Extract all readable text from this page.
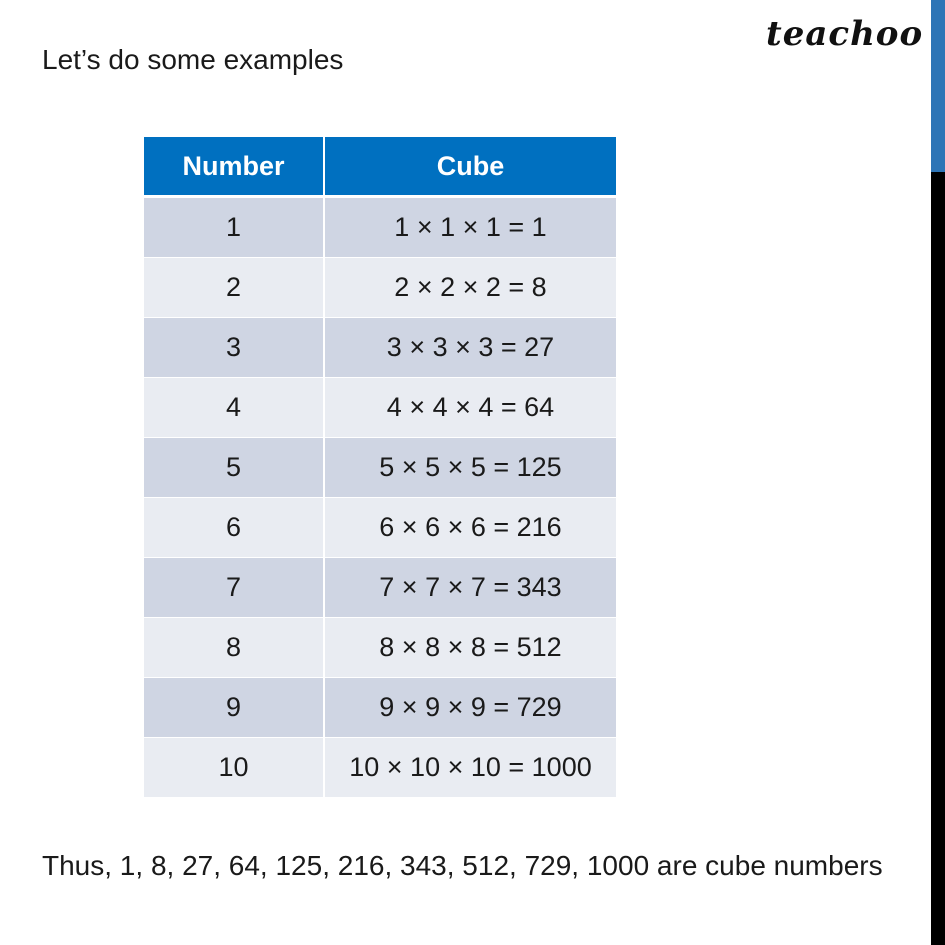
Let’s do some examples
teachoo
Number	Cube
1	1 × 1 × 1 = 1
2	2 × 2 × 2 = 8
3	3 × 3 × 3 = 27
4	4 × 4 × 4 = 64
5	5 × 5 × 5 = 125
6	6 × 6 × 6 = 216
7	7 × 7 × 7 = 343
8	8 × 8 × 8 = 512
9	9 × 9 × 9 = 729
10	10 × 10 × 10 = 1000

Thus, 1, 8, 27, 64, 125, 216, 343, 512, 729, 1000 are cube numbers
